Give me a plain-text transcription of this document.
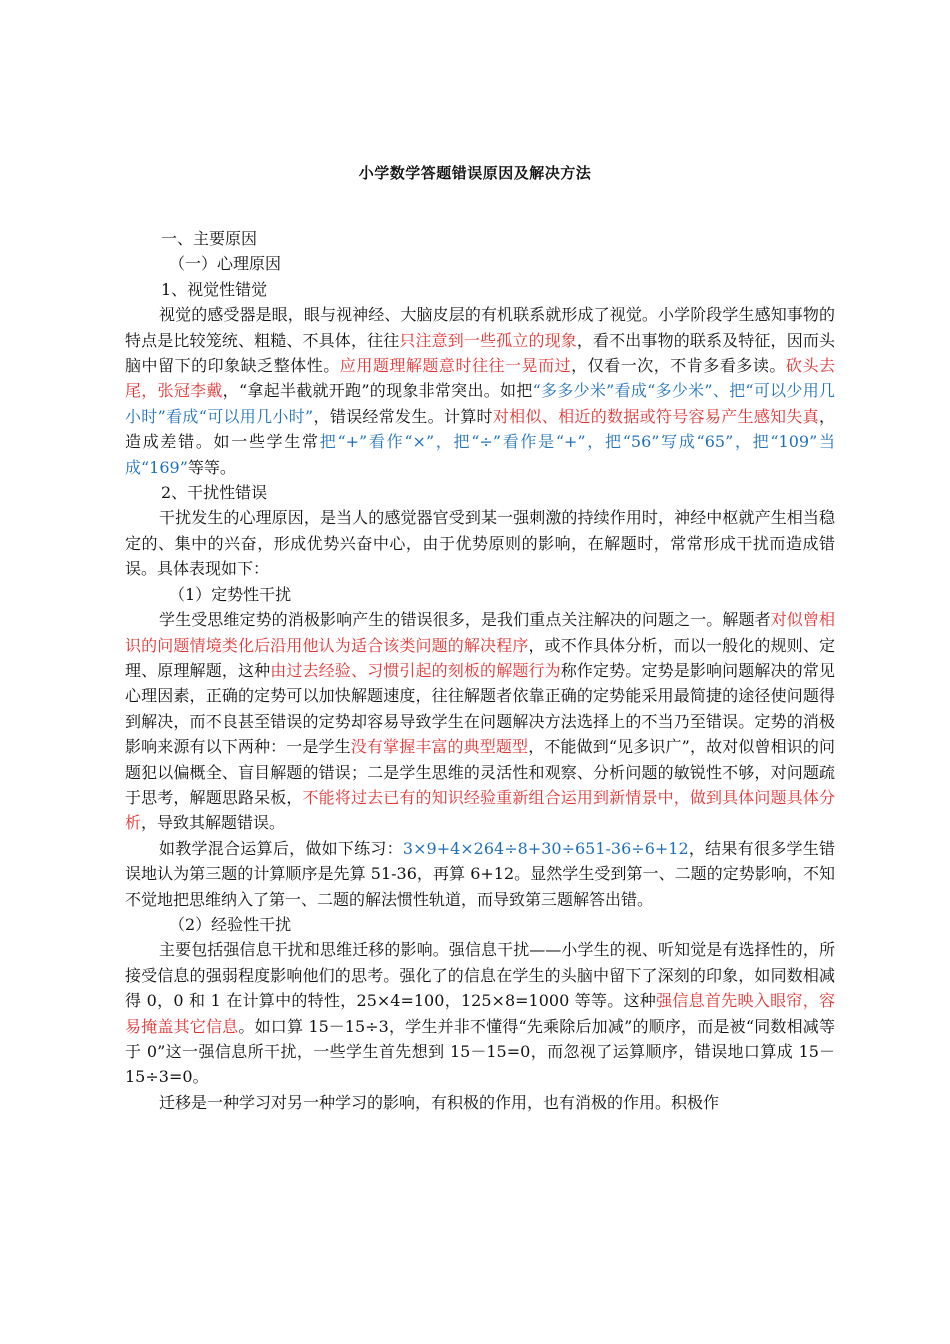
小学数学答题错误原因及解决方法

一、主要原因

（一）心理原因

1、视觉性错觉

视觉的感受器是眼，眼与视神经、大脑皮层的有机联系就形成了视觉。小学阶段学生感知事物的特点是比较笼统、粗糙、不具体，往往只注意到一些孤立的现象，看不出事物的联系及特征，因而头脑中留下的印象缺乏整体性。应用题理解题意时往往一晃而过，仅看一次，不肯多看多读。砍头去尾，张冠李戴，“拿起半截就开跑”的现象非常突出。如把“多多少米”看成“多少米”、把“可以少用几小时”看成“可以用几小时”，错误经常发生。计算时对相似、相近的数据或符号容易产生感知失真，造成差错。如一些学生常把“+”看作“×”，把“÷”看作是“+”，把“56”写成“65”，把“109”当成“169”等等。

2、干扰性错误

干扰发生的心理原因，是当人的感觉器官受到某一强刺激的持续作用时，神经中枢就产生相当稳定的、集中的兴奋，形成优势兴奋中心，由于优势原则的影响，在解题时，常常形成干扰而造成错误。具体表现如下：

（1）定势性干扰

学生受思维定势的消极影响产生的错误很多，是我们重点关注解决的问题之一。解题者对似曾相识的问题情境类化后沿用他认为适合该类问题的解决程序，或不作具体分析，而以一般化的规则、定理、原理解题，这种由过去经验、习惯引起的刻板的解题行为称作定势。定势是影响问题解决的常见心理因素，正确的定势可以加快解题速度，往往解题者依靠正确的定势能采用最简捷的途径使问题得到解决，而不良甚至错误的定势却容易导致学生在问题解决方法选择上的不当乃至错误。定势的消极影响来源有以下两种：一是学生没有掌握丰富的典型题型，不能做到“见多识广”，故对似曾相识的问题犯以偏概全、盲目解题的错误；二是学生思维的灵活性和观察、分析问题的敏锐性不够，对问题疏于思考，解题思路呆板，不能将过去已有的知识经验重新组合运用到新情景中，做到具体问题具体分析，导致其解题错误。

如教学混合运算后，做如下练习：3×9+4×264÷8+30÷651-36÷6+12，结果有很多学生错误地认为第三题的计算顺序是先算 51-36，再算 6+12。显然学生受到第一、二题的定势影响，不知不觉地把思维纳入了第一、二题的解法惯性轨道，而导致第三题解答出错。

（2）经验性干扰

主要包括强信息干扰和思维迁移的影响。强信息干扰——小学生的视、听知觉是有选择性的，所接受信息的强弱程度影响他们的思考。强化了的信息在学生的头脑中留下了深刻的印象，如同数相减得 0，0 和 1 在计算中的特性，25×4=100，125×8=1000 等等。这种强信息首先映入眼帘，容易掩盖其它信息。如口算 15－15÷3，学生并非不懂得“先乘除后加减”的顺序，而是被“同数相减等于 0”这一强信息所干扰，一些学生首先想到 15－15=0，而忽视了运算顺序，错误地口算成 15－15÷3=0。

迁移是一种学习对另一种学习的影响，有积极的作用，也有消极的作用。积极作
